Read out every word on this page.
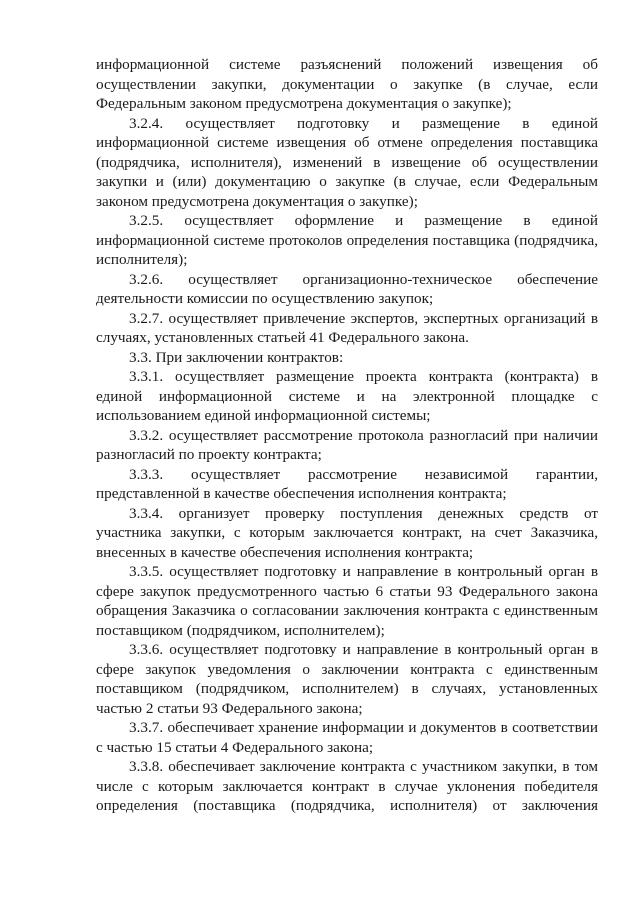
информационной системе разъяснений положений извещения об
осуществлении закупки, документации о закупке (в случае, если
Федеральным законом предусмотрена документация о закупке);
3.2.4. осуществляет подготовку и размещение в единой
информационной системе извещения об отмене определения поставщика
(подрядчика, исполнителя), изменений в извещение об осуществлении
закупки и (или) документацию о закупке (в случае, если Федеральным
законом предусмотрена документация о закупке);
3.2.5. осуществляет оформление и размещение в единой
информационной системе протоколов определения поставщика (подрядчика,
исполнителя);
3.2.6. осуществляет организационно-техническое обеспечение
деятельности комиссии по осуществлению закупок;
3.2.7. осуществляет привлечение экспертов, экспертных организаций в
случаях, установленных статьей 41 Федерального закона.
3.3. При заключении контрактов:
3.3.1. осуществляет размещение проекта контракта (контракта) в
единой информационной системе и на электронной площадке с
использованием единой информационной системы;
3.3.2. осуществляет рассмотрение протокола разногласий при наличии
разногласий по проекту контракта;
3.3.3. осуществляет рассмотрение независимой гарантии,
представленной в качестве обеспечения исполнения контракта;
3.3.4. организует проверку поступления денежных средств от
участника закупки, с которым заключается контракт, на счет Заказчика,
внесенных в качестве обеспечения исполнения контракта;
3.3.5. осуществляет подготовку и направление в контрольный орган в
сфере закупок предусмотренного частью 6 статьи 93 Федерального закона
обращения Заказчика о согласовании заключения контракта с единственным
поставщиком (подрядчиком, исполнителем);
3.3.6. осуществляет подготовку и направление в контрольный орган в
сфере закупок уведомления о заключении контракта с единственным
поставщиком (подрядчиком, исполнителем) в случаях, установленных
частью 2 статьи 93 Федерального закона;
3.3.7. обеспечивает хранение информации и документов в соответствии
с частью 15 статьи 4 Федерального закона;
3.3.8. обеспечивает заключение контракта с участником закупки, в том
числе с которым заключается контракт в случае уклонения победителя
определения (поставщика (подрядчика, исполнителя) от заключения
